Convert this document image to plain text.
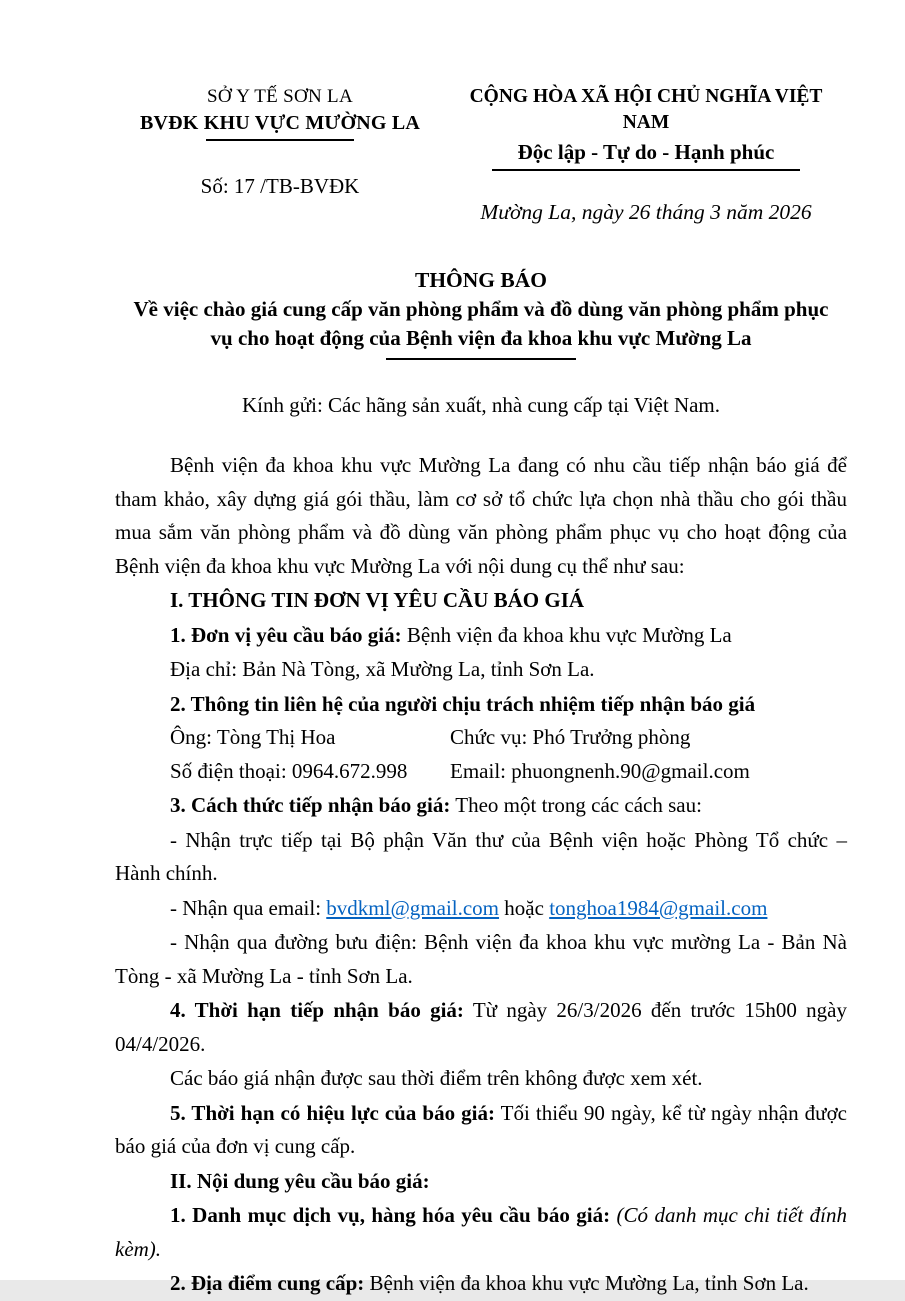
SỞ Y TẾ SƠN LA
BVĐK KHU VỰC MƯỜNG LA
Số: 17 /TB-BVĐK
CỘNG HÒA XÃ HỘI CHỦ NGHĨA VIỆT NAM
Độc lập - Tự do - Hạnh phúc
Mường La, ngày 26 tháng 3 năm 2026
THÔNG BÁO
Về việc chào giá cung cấp văn phòng phẩm và đồ dùng văn phòng phẩm phục
vụ cho hoạt động của Bệnh viện đa khoa khu vực Mường La
Kính gửi: Các hãng sản xuất, nhà cung cấp tại Việt Nam.

Bệnh viện đa khoa khu vực Mường La đang có nhu cầu tiếp nhận báo giá để tham khảo, xây dựng giá gói thầu, làm cơ sở tổ chức lựa chọn nhà thầu cho gói thầu mua sắm văn phòng phẩm và đồ dùng văn phòng phẩm phục vụ cho hoạt động của Bệnh viện đa khoa khu vực Mường La với nội dung cụ thể như sau:

I. THÔNG TIN ĐƠN VỊ YÊU CẦU BÁO GIÁ

1. Đơn vị yêu cầu báo giá: Bệnh viện đa khoa khu vực Mường La

Địa chỉ: Bản Nà Tòng, xã Mường La, tỉnh Sơn La.

2. Thông tin liên hệ của người chịu trách nhiệm tiếp nhận báo giá

Ông: Tòng Thị Hoa	Chức vụ: Phó Trưởng phòng
Số điện thoại: 0964.672.998	Email: phuongnenh.90@gmail.com

3. Cách thức tiếp nhận báo giá: Theo một trong các cách sau:

- Nhận trực tiếp tại Bộ phận Văn thư của Bệnh viện hoặc Phòng Tổ chức – Hành chính.

- Nhận qua email: bvdkml@gmail.com hoặc tonghoa1984@gmail.com

- Nhận qua đường bưu điện: Bệnh viện đa khoa khu vực mường La - Bản Nà Tòng - xã Mường La - tỉnh Sơn La.

4. Thời hạn tiếp nhận báo giá: Từ ngày 26/3/2026 đến trước 15h00 ngày 04/4/2026.

Các báo giá nhận được sau thời điểm trên không được xem xét.

5. Thời hạn có hiệu lực của báo giá: Tối thiểu 90 ngày, kể từ ngày nhận được báo giá của đơn vị cung cấp.

II. Nội dung yêu cầu báo giá:

1. Danh mục dịch vụ, hàng hóa yêu cầu báo giá: (Có danh mục chi tiết đính kèm).

2. Địa điểm cung cấp: Bệnh viện đa khoa khu vực Mường La, tỉnh Sơn La.
